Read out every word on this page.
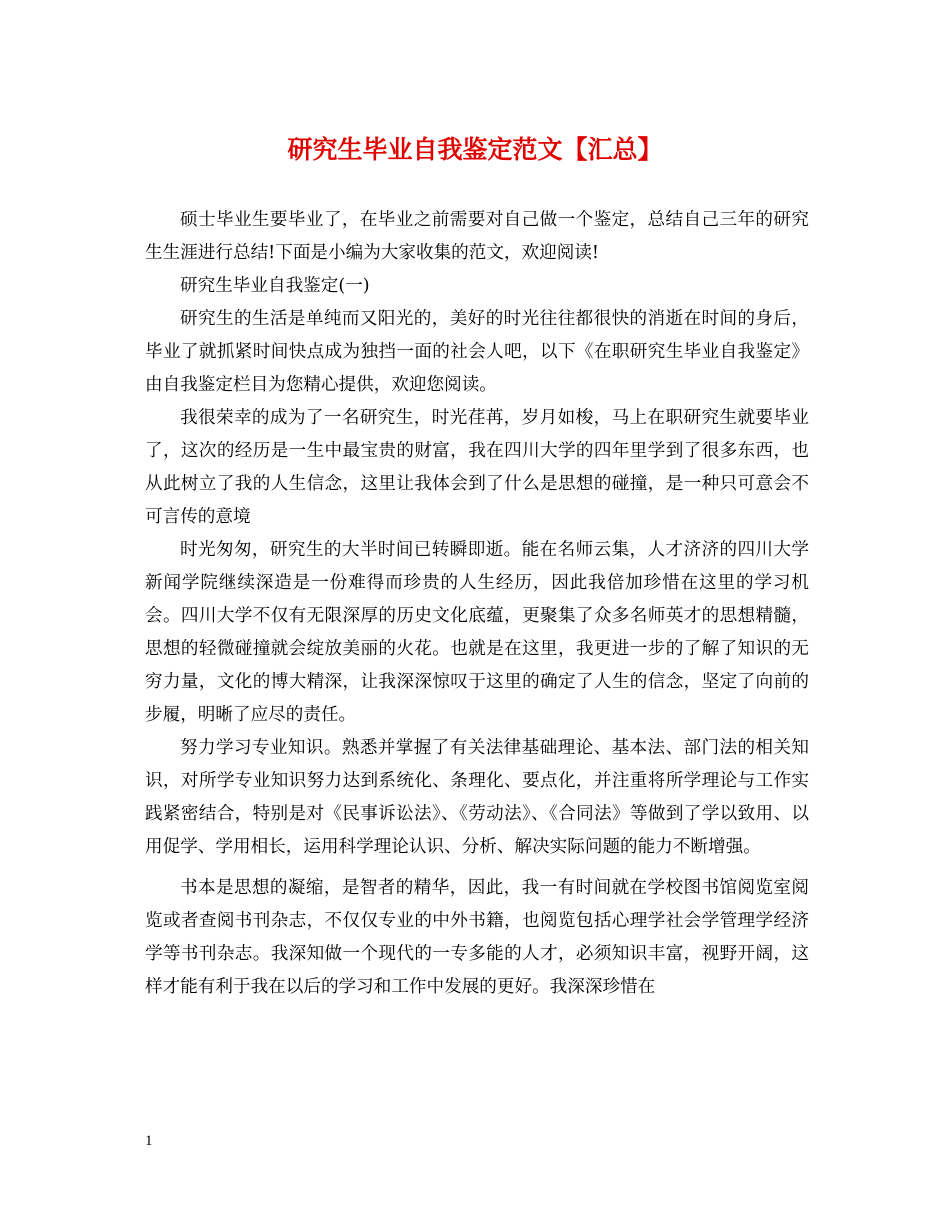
研究生毕业自我鉴定范文【汇总】

硕士毕业生要毕业了，在毕业之前需要对自己做一个鉴定，总结自己三年的研究生生涯进行总结!下面是小编为大家收集的范文，欢迎阅读!

研究生毕业自我鉴定(一)

研究生的生活是单纯而又阳光的，美好的时光往往都很快的消逝在时间的身后，毕业了就抓紧时间快点成为独挡一面的社会人吧，以下《在职研究生毕业自我鉴定》由自我鉴定栏目为您精心提供，欢迎您阅读。

我很荣幸的成为了一名研究生，时光荏苒，岁月如梭，马上在职研究生就要毕业了，这次的经历是一生中最宝贵的财富，我在四川大学的四年里学到了很多东西，也从此树立了我的人生信念，这里让我体会到了什么是思想的碰撞，是一种只可意会不可言传的意境

时光匆匆，研究生的大半时间已转瞬即逝。能在名师云集，人才济济的四川大学新闻学院继续深造是一份难得而珍贵的人生经历，因此我倍加珍惜在这里的学习机会。四川大学不仅有无限深厚的历史文化底蕴，更聚集了众多名师英才的思想精髓，思想的轻微碰撞就会绽放美丽的火花。也就是在这里，我更进一步的了解了知识的无穷力量，文化的博大精深，让我深深惊叹于这里的确定了人生的信念，坚定了向前的步履，明晰了应尽的责任。

努力学习专业知识。熟悉并掌握了有关法律基础理论、基本法、部门法的相关知识，对所学专业知识努力达到系统化、条理化、要点化，并注重将所学理论与工作实践紧密结合，特别是对《民事诉讼法》、《劳动法》、《合同法》等做到了学以致用、以用促学、学用相长，运用科学理论认识、分析、解决实际问题的能力不断增强。

书本是思想的凝缩，是智者的精华，因此，我一有时间就在学校图书馆阅览室阅览或者查阅书刊杂志，不仅仅专业的中外书籍，也阅览包括心理学社会学管理学经济学等书刊杂志。我深知做一个现代的一专多能的人才，必须知识丰富，视野开阔，这样才能有利于我在以后的学习和工作中发展的更好。我深深珍惜在

1
